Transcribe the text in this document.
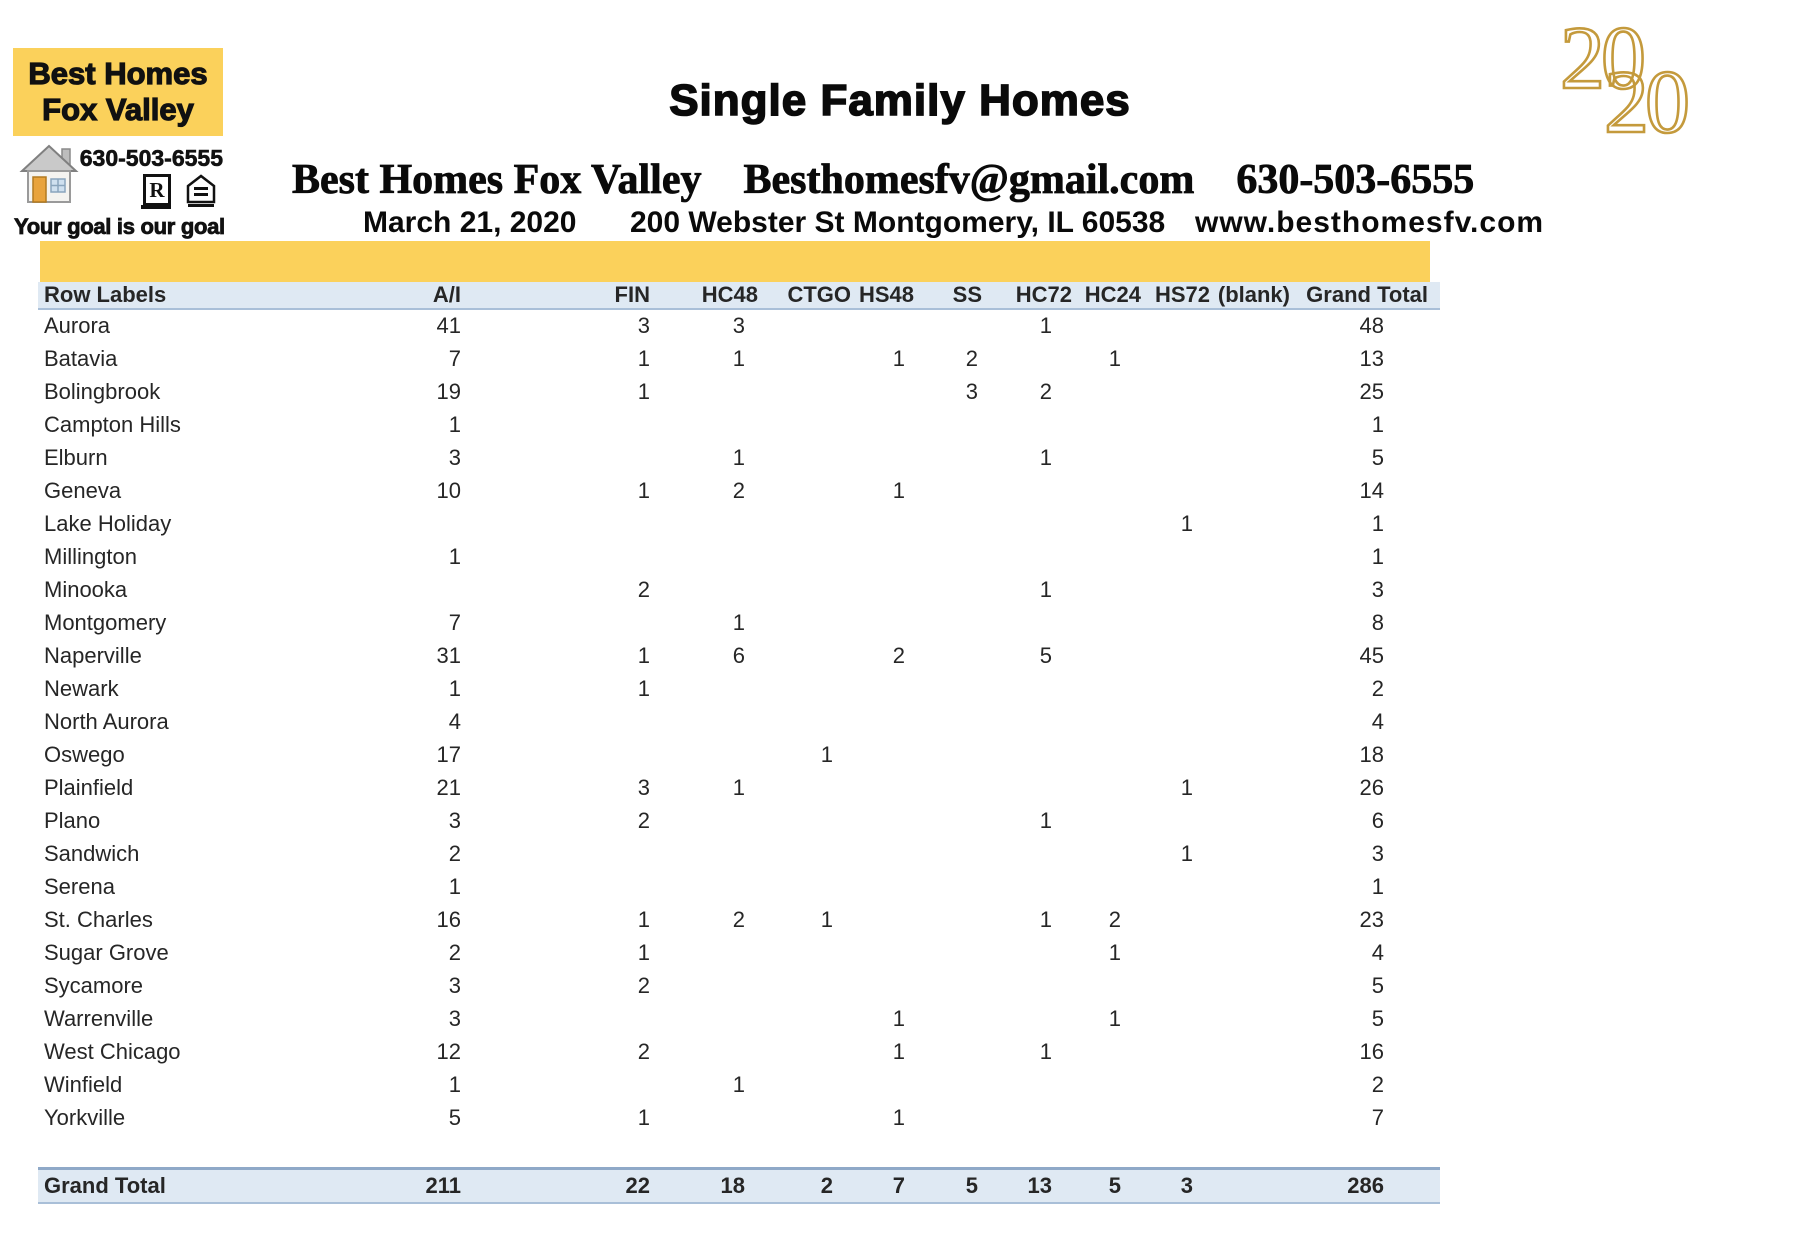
Best Homes
Fox Valley
630-503-6555
R
Your goal is our goal
Single Family Homes
Best Homes Fox Valley Besthomesfv@gmail.com 630-503-6555
March 21, 2020 200 Webster St Montgomery, IL 60538 www.besthomesfv.com
20
20
Row Labels	A/I	FIN	HC48	CTGO	HS48	SS	HC72	HC24	HS72	(blank)	Grand Total
Aurora	41	3	3				1				48
Batavia	7	1	1		1	2		1			13
Bolingbrook	19	1				3	2				25
Campton Hills	1										1
Elburn	3		1				1				5
Geneva	10	1	2		1						14
Lake Holiday									1		1
Millington	1										1
Minooka		2					1				3
Montgomery	7		1								8
Naperville	31	1	6		2		5				45
Newark	1	1									2
North Aurora	4										4
Oswego	17			1							18
Plainfield	21	3	1						1		26
Plano	3	2					1				6
Sandwich	2								1		3
Serena	1										1
St. Charles	16	1	2	1			1	2			23
Sugar Grove	2	1						1			4
Sycamore	3	2									5
Warrenville	3				1			1			5
West Chicago	12	2			1		1				16
Winfield	1		1								2
Yorkville	5	1			1						7

Grand Total	211	22	18	2	7	5	13	5	3		286
